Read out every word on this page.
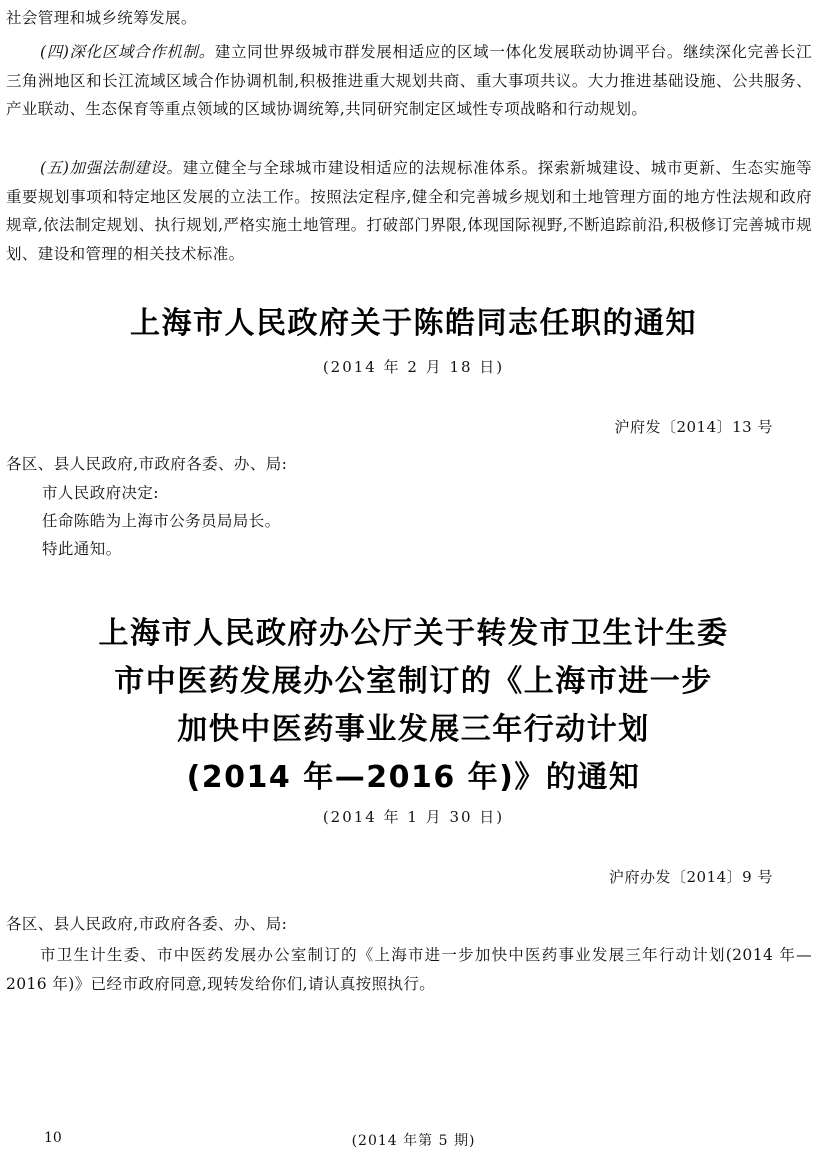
社会管理和城乡统筹发展。

(四)深化区域合作机制。建立同世界级城市群发展相适应的区域一体化发展联动协调平台。继续深化完善长江三角洲地区和长江流域区域合作协调机制,积极推进重大规划共商、重大事项共议。大力推进基础设施、公共服务、产业联动、生态保育等重点领域的区域协调统筹,共同研究制定区域性专项战略和行动规划。

(五)加强法制建设。建立健全与全球城市建设相适应的法规标准体系。探索新城建设、城市更新、生态实施等重要规划事项和特定地区发展的立法工作。按照法定程序,健全和完善城乡规划和土地管理方面的地方性法规和政府规章,依法制定规划、执行规划,严格实施土地管理。打破部门界限,体现国际视野,不断追踪前沿,积极修订完善城市规划、建设和管理的相关技术标准。

上海市人民政府关于陈皓同志任职的通知

(2014 年 2 月 18 日)

沪府发〔2014〕13 号

各区、县人民政府,市政府各委、办、局:

市人民政府决定:

任命陈皓为上海市公务员局局长。

特此通知。

上海市人民政府办公厅关于转发市卫生计生委
市中医药发展办公室制订的《上海市进一步
加快中医药事业发展三年行动计划
(2014 年—2016 年)》的通知

(2014 年 1 月 30 日)

沪府办发〔2014〕9 号

各区、县人民政府,市政府各委、办、局:

市卫生计生委、市中医药发展办公室制订的《上海市进一步加快中医药事业发展三年行动计划(2014 年—2016 年)》已经市政府同意,现转发给你们,请认真按照执行。

10	(2014 年第 5 期)
